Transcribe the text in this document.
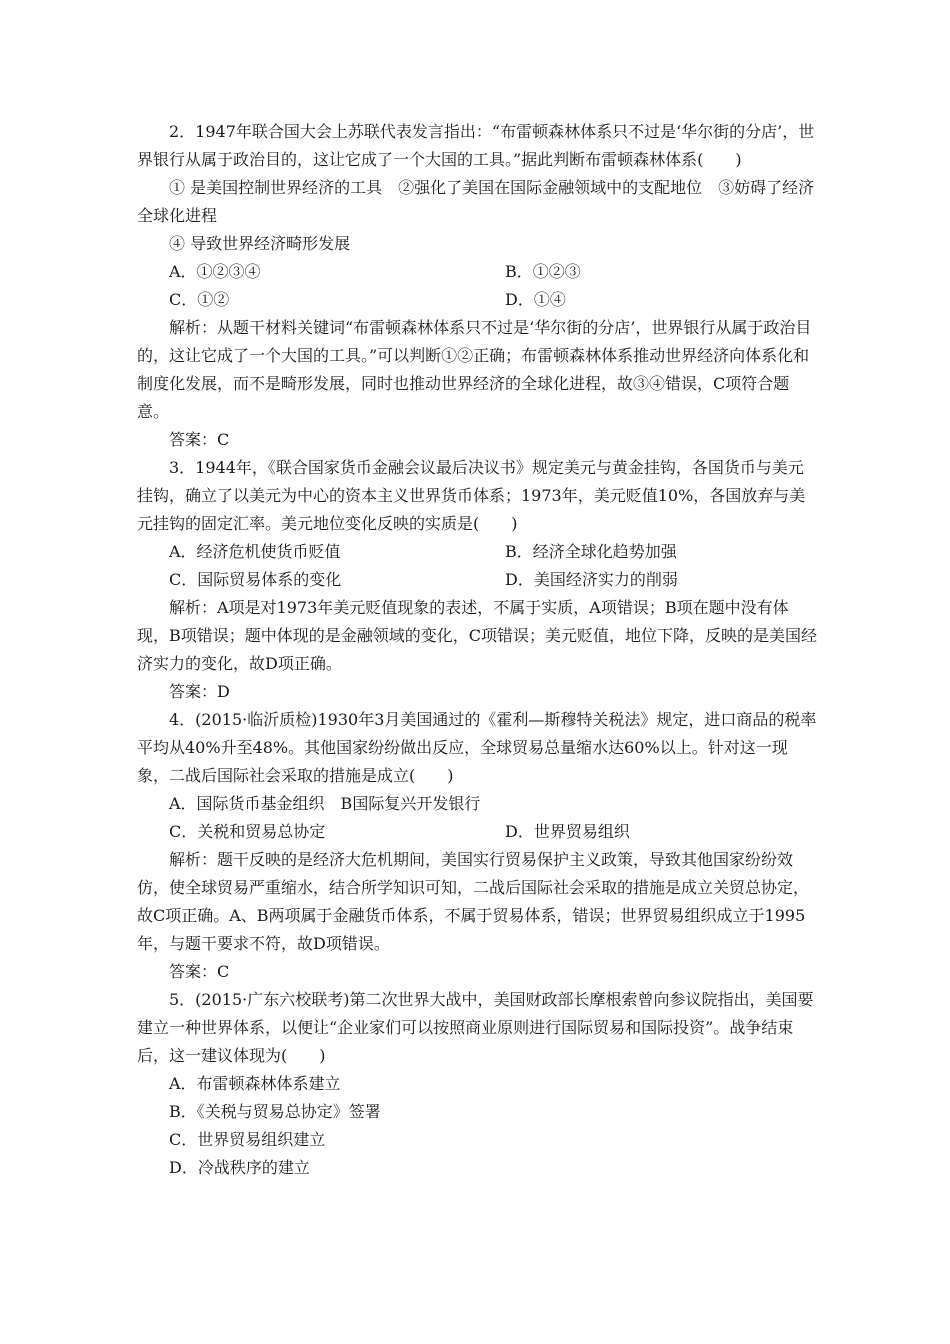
2．1947年联合国大会上苏联代表发言指出：“布雷顿森林体系只不过是‘华尔街的分店’，世界银行从属于政治目的，这让它成了一个大国的工具。”据此判断布雷顿森林体系(　　)

① 是美国控制世界经济的工具　②强化了美国在国际金融领域中的支配地位　③妨碍了经济全球化进程

④ 导致世界经济畸形发展

A．①②③④	B．①②③
C．①②	D．①④

解析：从题干材料关键词“布雷顿森林体系只不过是‘华尔街的分店’，世界银行从属于政治目的，这让它成了一个大国的工具。”可以判断①②正确；布雷顿森林体系推动世界经济向体系化和制度化发展，而不是畸形发展，同时也推动世界经济的全球化进程，故③④错误，C项符合题意。

答案：C

3．1944年，《联合国家货币金融会议最后决议书》规定美元与黄金挂钩，各国货币与美元挂钩，确立了以美元为中心的资本主义世界货币体系；1973年，美元贬值10%，各国放弃与美元挂钩的固定汇率。美元地位变化反映的实质是(　　)

A．经济危机使货币贬值	B．经济全球化趋势加强
C．国际贸易体系的变化	D．美国经济实力的削弱

解析：A项是对1973年美元贬值现象的表述，不属于实质，A项错误；B项在题中没有体现，B项错误；题中体现的是金融领域的变化，C项错误；美元贬值，地位下降，反映的是美国经济实力的变化，故D项正确。

答案：D

4．(2015·临沂质检)1930年3月美国通过的《霍利—斯穆特关税法》规定，进口商品的税率平均从40%升至48%。其他国家纷纷做出反应，全球贸易总量缩水达60%以上。针对这一现象，二战后国际社会采取的措施是成立(　　)

A．国际货币基金组织　B国际复兴开发银行
C．关税和贸易总协定	D．世界贸易组织

解析：题干反映的是经济大危机期间，美国实行贸易保护主义政策，导致其他国家纷纷效仿，使全球贸易严重缩水，结合所学知识可知，二战后国际社会采取的措施是成立关贸总协定，故C项正确。A、B两项属于金融货币体系，不属于贸易体系，错误；世界贸易组织成立于1995年，与题干要求不符，故D项错误。

答案：C

5．(2015·广东六校联考)第二次世界大战中，美国财政部长摩根索曾向参议院指出，美国要建立一种世界体系，以便让“企业家们可以按照商业原则进行国际贸易和国际投资”。战争结束后，这一建议体现为(　　)

A．布雷顿森林体系建立
B．《关税与贸易总协定》签署
C．世界贸易组织建立
D．冷战秩序的建立
